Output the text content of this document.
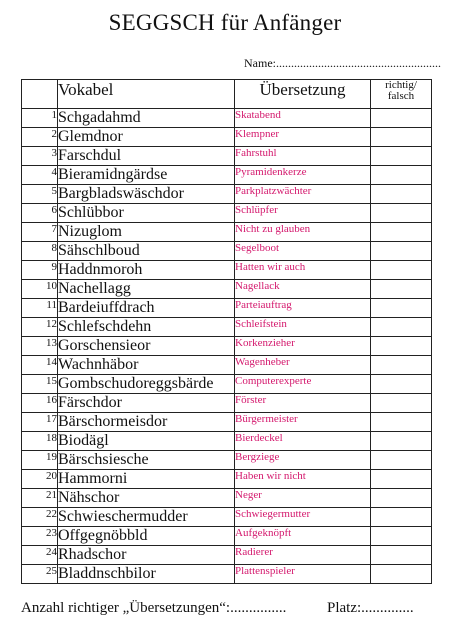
SEGGSCH für Anfänger
Name:.......................................................
	Vokabel	Übersetzung	richtig/
falsch
1	Schgadahmd	Skatabend	
2	Glemdnor	Klempner	
3	Farschdul	Fahrstuhl	
4	Bieramidngärdse	Pyramidenkerze	
5	Bargbladswäschdor	Parkplatzwächter	
6	Schlübbor	Schlüpfer	
7	Nizuglom	Nicht zu glauben	
8	Sähschlboud	Segelboot	
9	Haddnmoroh	Hatten wir auch	
10	Nachellagg	Nagellack	
11	Bardeiuffdrach	Parteiauftrag	
12	Schlefschdehn	Schleifstein	
13	Gorschensieor	Korkenzieher	
14	Wachnhäbor	Wagenheber	
15	Gombschudoreggsbärde	Computerexperte	
16	Färschdor	Förster	
17	Bärschormeisdor	Bürgermeister	
18	Biodägl	Bierdeckel	
19	Bärschsiesche	Bergziege	
20	Hammorni	Haben wir nicht	
21	Nähschor	Neger	
22	Schwieschermudder	Schwiegermutter	
23	Offgegnöbbld	Aufgeknöpft	
24	Rhadschor	Radierer	
25	Bladdnschbilor	Plattenspieler	
Anzahl richtiger „Übersetzungen“:...............	Platz:..............
